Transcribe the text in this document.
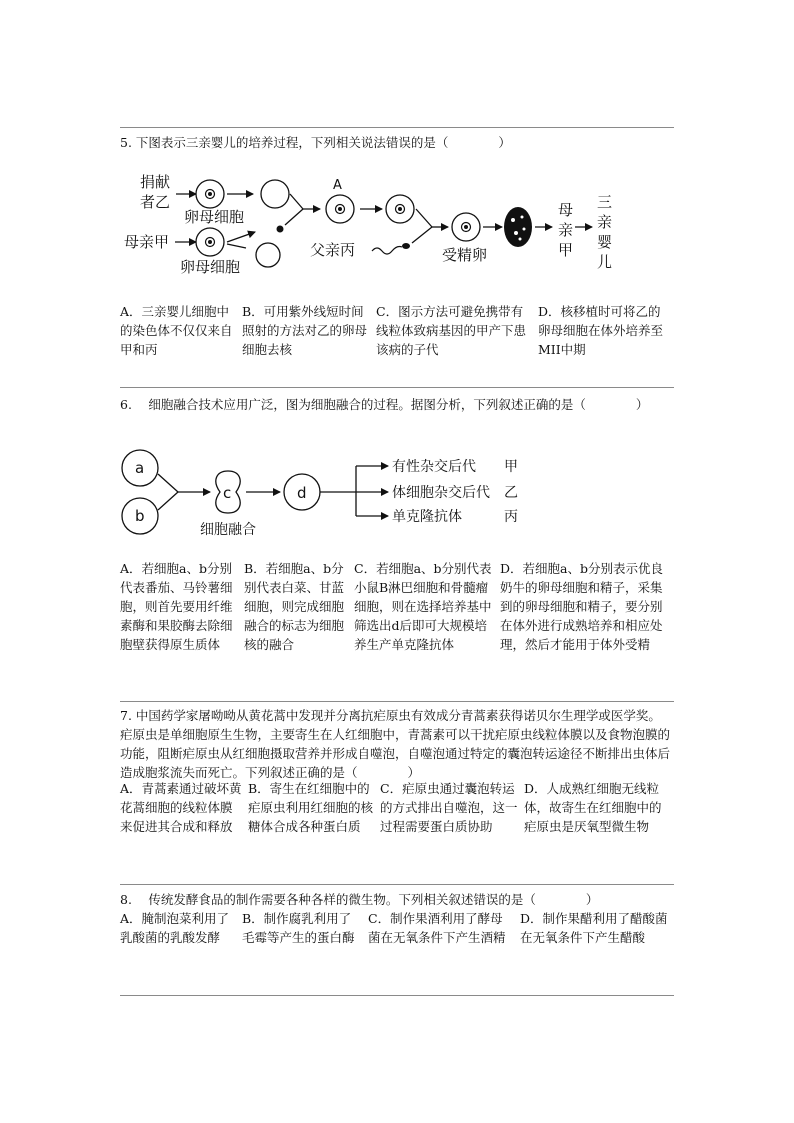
5. 下图表示三亲婴儿的培养过程，下列相关说法错误的是（　　　　）
捐献
者乙
卵母细胞
母亲甲
卵母细胞
A
父亲丙	受精卵
母
亲
甲
三
亲
婴
儿
A．三亲婴儿细胞中的染色体不仅仅来自甲和丙
B．可用紫外线短时间照射的方法对乙的卵母细胞去核
C．图示方法可避免携带有线粒体致病基因的甲产下患该病的子代
D．核移植时可将乙的卵母细胞在体外培养至MII中期
6.　 细胞融合技术应用广泛，图为细胞融合的过程。据图分析，下列叙述正确的是（　　　　）
a
b
c
细胞融合
d
有性杂交后代
体细胞杂交后代
单克隆抗体
甲
乙
丙
A．若细胞a、b分别代表番茄、马铃薯细胞，则首先要用纤维素酶和果胶酶去除细胞壁获得原生质体
B．若细胞a、b分别代表白菜、甘蓝细胞，则完成细胞融合的标志为细胞核的融合
C．若细胞a、b分别代表小鼠B淋巴细胞和骨髓瘤细胞，则在选择培养基中筛选出d后即可大规模培养生产单克隆抗体
D．若细胞a、b分别表示优良奶牛的卵母细胞和精子，采集到的卵母细胞和精子，要分别在体外进行成熟培养和相应处理，然后才能用于体外受精
7. 中国药学家屠呦呦从黄花蒿中发现并分离抗疟原虫有效成分青蒿素获得诺贝尔生理学或医学奖。疟原虫是单细胞原生生物，主要寄生在人红细胞中，青蒿素可以干扰疟原虫线粒体膜以及食物泡膜的功能，阻断疟原虫从红细胞摄取营养并形成自噬泡，自噬泡通过特定的囊泡转运途径不断排出虫体后造成胞浆流失而死亡。下列叙述正确的是（　　　　）
A．青蒿素通过破坏黄花蒿细胞的线粒体膜来促进其合成和释放
B．寄生在红细胞中的疟原虫利用红细胞的核糖体合成各种蛋白质
C．疟原虫通过囊泡转运的方式排出自噬泡，这一过程需要蛋白质协助
D．人成熟红细胞无线粒体，故寄生在红细胞中的疟原虫是厌氧型微生物
8.　 传统发酵食品的制作需要各种各样的微生物。下列相关叙述错误的是（　　　　）
A．腌制泡菜利用了乳酸菌的乳酸发酵
B．制作腐乳利用了毛霉等产生的蛋白酶
C．制作果酒利用了酵母菌在无氧条件下产生酒精
D．制作果醋利用了醋酸菌在无氧条件下产生醋酸
